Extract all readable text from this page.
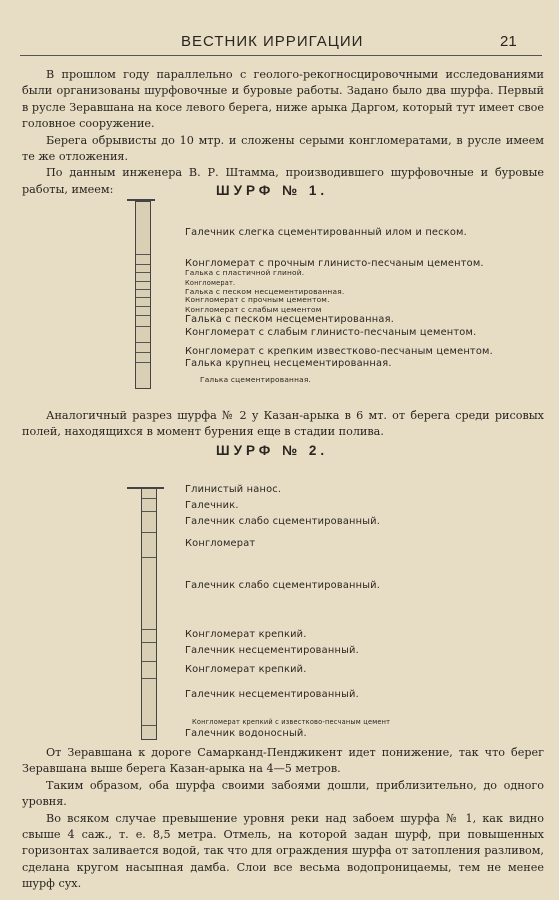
ВЕСТНИК ИРРИГАЦИИ	21

В прошлом году параллельно с геолого-рекогносцировочными исследованиями были организованы шурфовочные и буровые работы. Задано было два шурфа. Первый в русле Зеравшана на косе левого берега, ниже арыка Даргом, который тут имеет свое головное сооружение.

Берега обрывисты до 10 мтр. и сложены серыми конгломератами, в русле имеем те же отложения.

По данным инженера В. Р. Штамма, производившего шурфовочные и буровые работы, имеем:	ШУРФ № 1.
Галечник слегка сцементированный илом и песком.
Конгломерат с прочным глинисто-песчаным цементом.
Галька с пластичной глиной.
Конгломерат.
Галька с песком несцементированная.
Конгломерат с прочным цементом.
Конгломерат с слабым цементом
Галька с песком несцементированная.
Конгломерат с слабым глинисто-песчаным цементом.
Конгломерат с крепким известково-песчаным цементом.
Галька крупнец несцементированная.
Галька сцементированная.

Аналогичный разрез шурфа № 2 у Казан-арыка в 6 мт. от берега среди рисовых полей, находящихся в момент бурения еще в стадии полива.

ШУРФ № 2.
Глинистый нанос.
Галечник.
Галечник слабо сцементированный.
Конгломерат
Галечник слабо сцементированный.
Конгломерат крепкий.
Галечник несцементированный.
Конгломерат крепкий.
Галечник несцементированный.
Конгломерат крепкий с известково-песчаным цемент
Галечник водоносный.

От Зеравшана к дороге Самарканд-Пенджикент идет понижение, так что берег Зеравшана выше берега Казан-арыка на 4—5 метров.

Таким образом, оба шурфа своими забоями дошли, приблизительно, до одного уровня.

Во всяком случае превышение уровня реки над забоем шурфа № 1, как видно свыше 4 саж., т. е. 8,5 метра. Отмель, на которой задан шурф, при повышенных горизонтах заливается водой, так что для ограждения шурфа от затопления разливом, сделана кругом насыпная дамба. Слои все весьма водопроницаемы, тем не менее шурф сух.
